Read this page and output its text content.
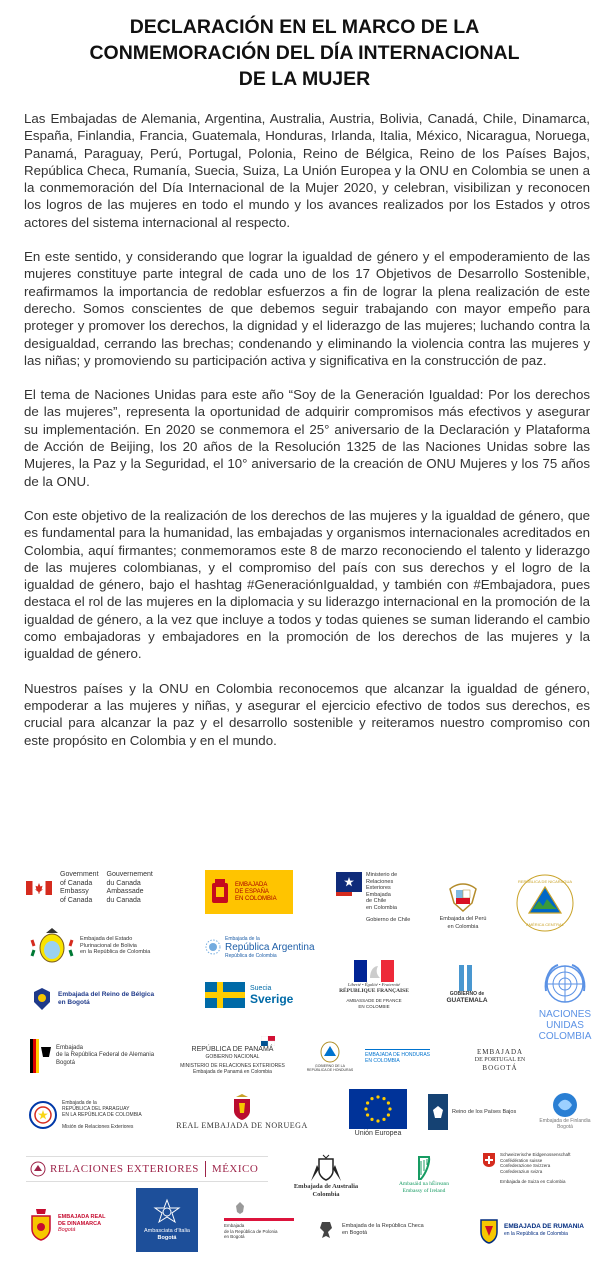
DECLARACIÓN EN EL MARCO DE LA
CONMEMORACIÓN DEL DÍA INTERNACIONAL
DE LA MUJER

Las Embajadas de Alemania, Argentina, Australia, Austria, Bolivia, Canadá, Chile, Dinamarca, España, Finlandia, Francia, Guatemala, Honduras, Irlanda, Italia, México, Nicaragua, Noruega, Panamá, Paraguay, Perú, Portugal, Polonia, Reino de Bélgica, Reino de los Países Bajos, República Checa, Rumanía, Suecia, Suiza, La Unión Europea y la ONU en Colombia se unen a la conmemoración del Día Internacional de la Mujer 2020, y celebran, visibilizan y reconocen los logros de las mujeres en todo el mundo y los avances realizados por los Estados y otros actores del sistema internacional al respecto.

En este sentido, y considerando que lograr la igualdad de género y el empoderamiento de las mujeres constituye parte integral de cada uno de los 17 Objetivos de Desarrollo Sostenible, reafirmamos la importancia de redoblar esfuerzos a fin de lograr la plena realización de este derecho. Somos conscientes de que debemos seguir trabajando con mayor empeño para proteger y promover los derechos, la dignidad y el liderazgo de las mujeres; luchando contra la desigualdad, cerrando las brechas; condenando y eliminando la violencia contra las mujeres y las niñas; y promoviendo su participación activa y significativa en la construcción de paz.

El tema de Naciones Unidas para este año “Soy de la Generación Igualdad: Por los derechos de las mujeres”, representa la oportunidad de adquirir compromisos más efectivos y asegurar su implementación. En 2020 se conmemora el 25° aniversario de la Declaración y Plataforma de Acción de Beijing, los 20 años de la Resolución 1325 de las Naciones Unidas sobre las Mujeres, la Paz y la Seguridad, el 10° aniversario de la creación de ONU Mujeres y los 75 años de la ONU.

Con este objetivo de la realización de los derechos de las mujeres y la igualdad de género, que es fundamental para la humanidad, las embajadas y organismos internacionales acreditados en Colombia, aquí firmantes; conmemoramos este 8 de marzo reconociendo el talento y liderazgo de las mujeres colombianas, y el compromiso del país con sus derechos y el logro de la igualdad de género, bajo el hashtag #GeneraciónIgualdad, y también con #Embajadora, pues destaca el rol de las mujeres en la diplomacia y su liderazgo internacional en la promoción de la igualdad de género, a la vez que incluye a todos y todas quienes se suman liderando el cambio como embajadoras y embajadores en la promoción de los derechos de las mujeres y la igualdad de género.

Nuestros países y la ONU en Colombia reconocemos que alcanzar la igualdad de género, empoderar a las mujeres y niñas, y asegurar el ejercicio efectivo de todos sus derechos, es crucial para alcanzar la paz y el desarrollo sostenible y reiteramos nuestro compromiso con este propósito en Colombia y en el mundo.

Government
of Canada
Embassy
of Canada
Gouvernement
du Canada
Ambassade
du Canada
EMBAJADA
DE ESPAÑA
EN COLOMBIA
Ministerio de
Relaciones
Exteriores
Embajada
de Chile
en Colombia
Gobierno de Chile	Embajada del Perú
en Colombia
REPÚBLICA DE NICARAGUA
AMÉRICA CENTRAL
Embajada del Estado
Plurinacional de Bolivia
en la República de Colombia
Embajada de la
República Argentina
República de Colombia
Liberté • Égalité • Fraternité
RÉPUBLIQUE FRANÇAISE
AMBASSADE DE FRANCE
EN COLOMBIE
GOBIERNO de
GUATEMALA
NACIONES
UNIDAS
COLOMBIA
Embajada del Reino de Bélgica
en Bogotá
Suecia
Sverige
Embajada
de la República Federal de Alemania
Bogotá
REPÚBLICA DE PANAMÁ
GOBIERNO NACIONAL
MINISTERIO DE RELACIONES EXTERIORES
Embajada de Panamá en Colombia
GOBIERNO DE LA
REPÚBLICA DE HONDURAS
EMBAJADA DE HONDURAS
EN COLOMBIA
EMBAJADA
DE PORTUGAL EN
BOGOTÁ
Embajada de la
REPÚBLICA DEL PARAGUAY
EN LA REPÚBLICA DE COLOMBIA
Misión de Relaciones Exteriores	REAL EMBAJADA DE NORUEGA
Unión Europea
Reino de los Países Bajos
Embajada de Finlandia
Bogotá
RELACIONES EXTERIORES MÉXICO
Embajada de Australia
Colombia
Ambasáid na hÉireann
Embassy of Ireland
Schweizerische Eidgenossenschaft
Confédération suisse
Confederazione Svizzera
Confederaziun svizra
Embajada de Suiza en Colombia
EMBAJADA REAL
DE DINAMARCA
Bogotá	Ambasciata d'Italia
Bogotá
Embajada
de la República de Polonia
en Bogotá
Embajada de la República Checa
en Bogotá
EMBAJADA DE RUMANIA
en la República de Colombia
